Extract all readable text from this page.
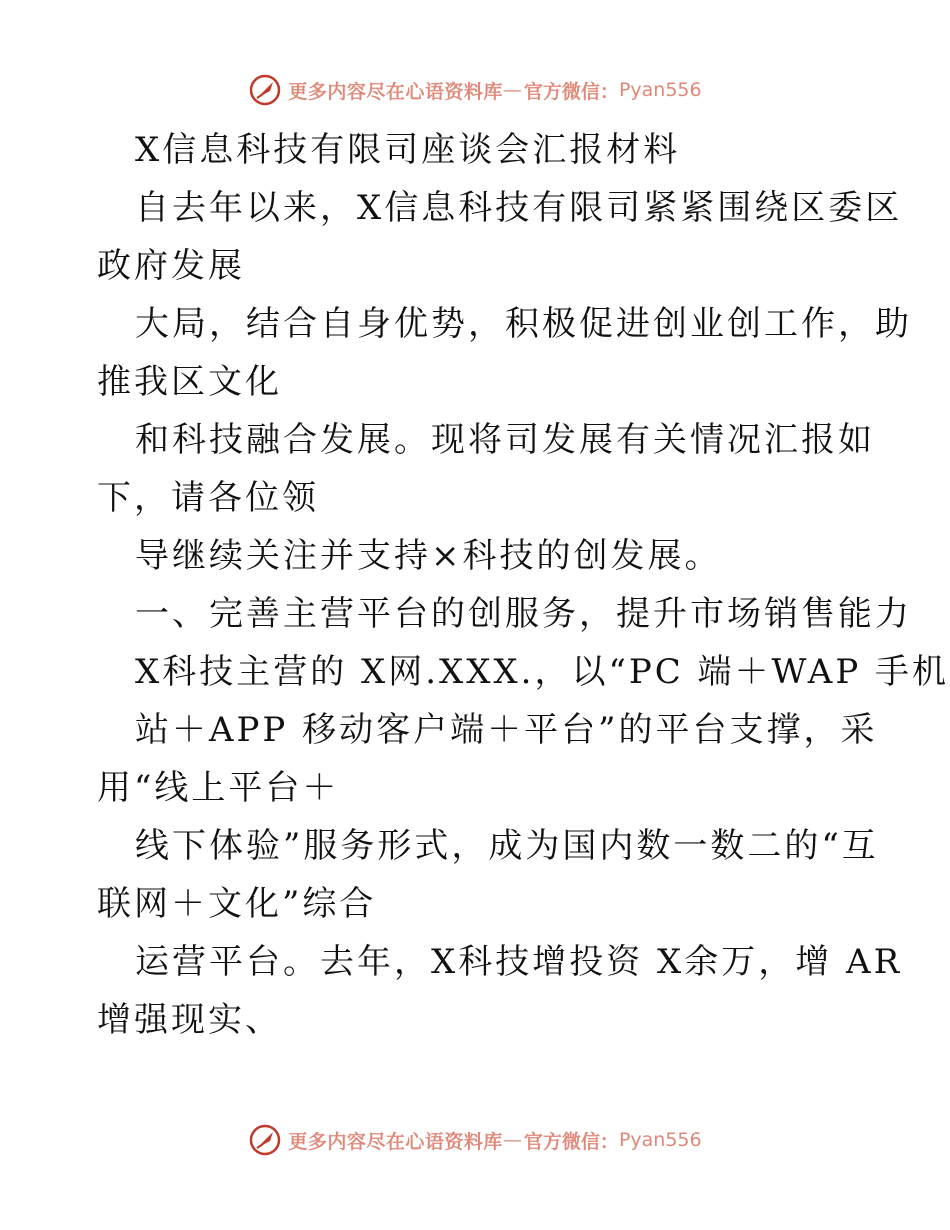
更多内容尽在心语资料库 — 官方微信： Pyan556
X信息科技有限司座谈会汇报材料
自去年以来，X信息科技有限司紧紧围绕区委区
政府发展
大局，结合自身优势，积极促进创业创工作，助
推我区文化
和科技融合发展。现将司发展有关情况汇报如
下，请各位领
导继续关注并支持×科技的创发展。
一、完善主营平台的创服务，提升市场销售能力
X科技主营的 X网.XXX.，以“PC 端＋WAP 手机
站＋APP 移动客户端＋平台”的平台支撑，采
用“线上平台＋
线下体验”服务形式，成为国内数一数二的“互
联网＋文化”综合
运营平台。去年，X科技增投资 X余万，增 AR
增强现实、
更多内容尽在心语资料库 — 官方微信： Pyan556
